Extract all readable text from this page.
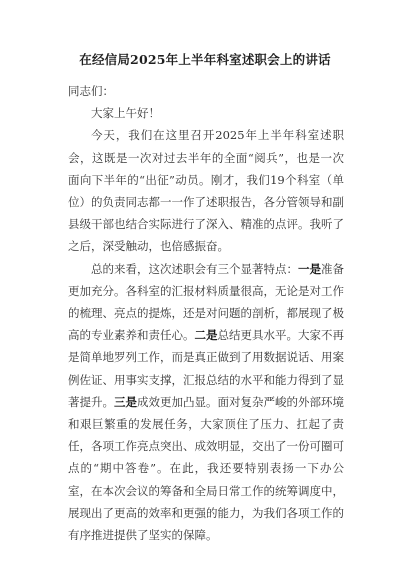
在经信局2025年上半年科室述职会上的讲话

同志们：

大家上午好！

今天，我们在这里召开2025年上半年科室述职会，这既是一次对过去半年的全面“阅兵”，也是一次面向下半年的“出征”动员。刚才，我们19个科室（单位）的负责同志都一一作了述职报告，各分管领导和副县级干部也结合实际进行了深入、精准的点评。我听了之后，深受触动，也倍感振奋。

总的来看，这次述职会有三个显著特点：一是准备更加充分。各科室的汇报材料质量很高，无论是对工作的梳理、亮点的提炼，还是对问题的剖析，都展现了极高的专业素养和责任心。二是总结更具水平。大家不再是简单地罗列工作，而是真正做到了用数据说话、用案例佐证、用事实支撑，汇报总结的水平和能力得到了显著提升。三是成效更加凸显。面对复杂严峻的外部环境和艰巨繁重的发展任务，大家顶住了压力、扛起了责任，各项工作亮点突出、成效明显，交出了一份可圈可点的“期中答卷”。在此，我还要特别表扬一下办公室，在本次会议的筹备和全局日常工作的统筹调度中，展现出了更高的效率和更强的能力，为我们各项工作的有序推进提供了坚实的保障。
